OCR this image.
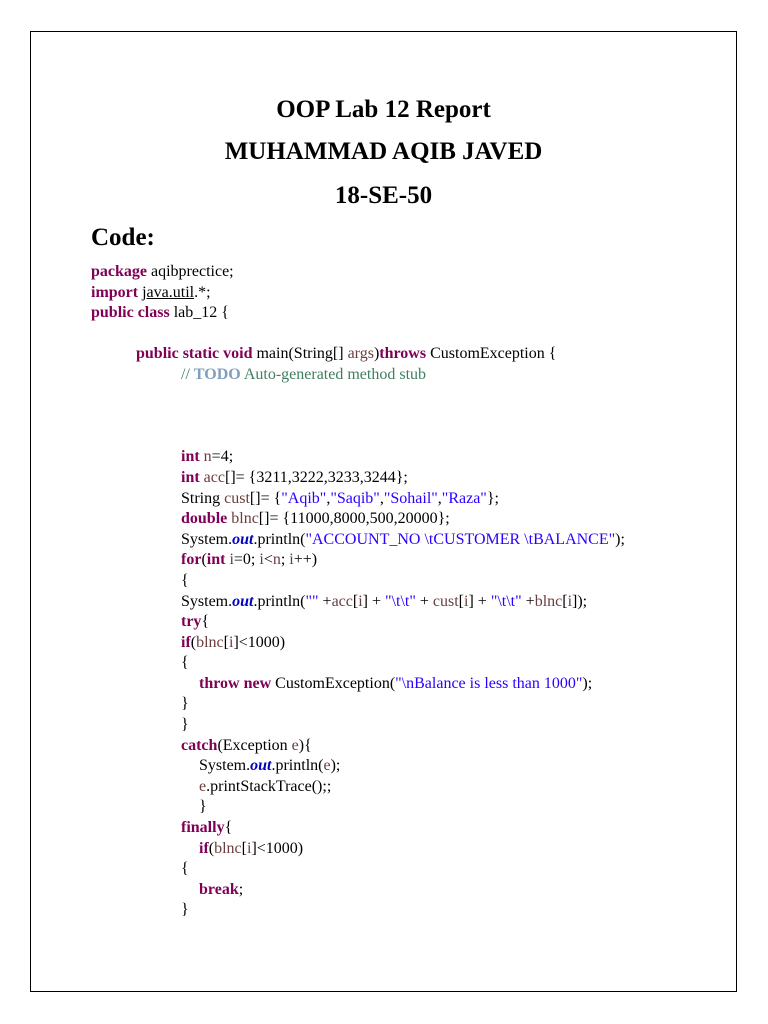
OOP Lab 12 Report
MUHAMMAD AQIB JAVED
18-SE-50
Code:
package aqibprectice;
import java.util.*;
public class lab_12 {
public static void main(String[] args)throws CustomException {
// TODO Auto-generated method stub
int n=4;
int acc[]= {3211,3222,3233,3244};
String cust[]= {"Aqib","Saqib","Sohail","Raza"};
double blnc[]= {11000,8000,500,20000};
System.out.println("ACCOUNT_NO \tCUSTOMER \tBALANCE");
for(int i=0; i<n; i++)
{
System.out.println("" +acc[i] + "\t\t" + cust[i] + "\t\t" +blnc[i]);
try{
if(blnc[i]<1000)
{
throw new CustomException("\nBalance is less than 1000");
}
}
catch(Exception e){
System.out.println(e);
e.printStackTrace();;
}
finally{
if(blnc[i]<1000)
{
break;
}
